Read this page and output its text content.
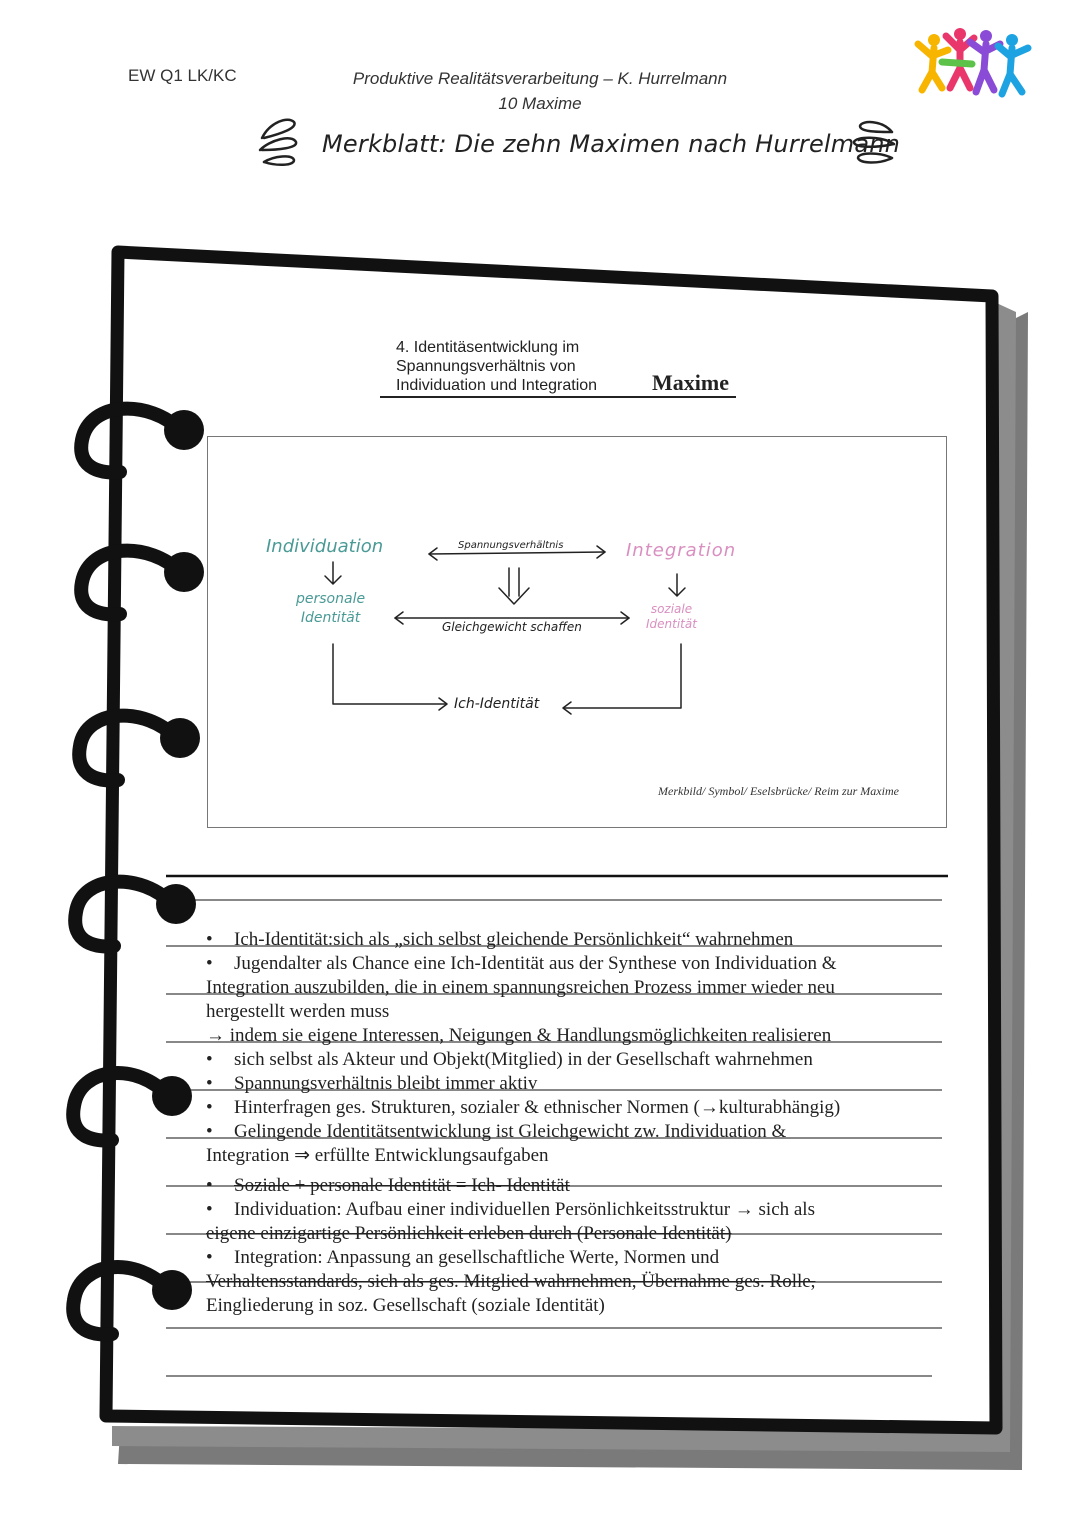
EW Q1 LK/KC	Produktive Realitätsverarbeitung – K. Hurrelmann
10 Maxime
Merkblatt: Die zehn Maximen nach Hurrelmann
4. Identitäsentwicklung im
Spannungsverhältnis von
Individuation und Integration Maxime
Individuation	Spannungsverhältnis	Integration
personale
Identität
soziale
Identität
Gleichgewicht schaffen
Ich-Identität
Merkbild/ Symbol/ Eselsbrücke/ Reim zur Maxime
• Ich-Identität:sich als „sich selbst gleichende Persönlichkeit“ wahrnehmen
• Jugendalter als Chance eine Ich-Identität aus der Synthese von Individuation &
Integration auszubilden, die in einem spannungsreichen Prozess immer wieder neu
hergestellt werden muss
→ indem sie eigene Interessen, Neigungen & Handlungsmöglichkeiten realisieren
• sich selbst als Akteur und Objekt(Mitglied) in der Gesellschaft wahrnehmen
• Spannungsverhältnis bleibt immer aktiv
• Hinterfragen ges. Strukturen, sozialer & ethnischer Normen (→kulturabhängig)
• Gelingende Identitätsentwicklung ist Gleichgewicht zw. Individuation &
Integration ⇒ erfüllte Entwicklungsaufgaben
• Soziale + personale Identität = Ich- Identität
• Individuation: Aufbau einer individuellen Persönlichkeitsstruktur → sich als
eigene einzigartige Persönlichkeit erleben durch (Personale Identität)
• Integration: Anpassung an gesellschaftliche Werte, Normen und
Verhaltensstandards, sich als ges. Mitglied wahrnehmen, Übernahme ges. Rolle,
Eingliederung in soz. Gesellschaft (soziale Identität)
